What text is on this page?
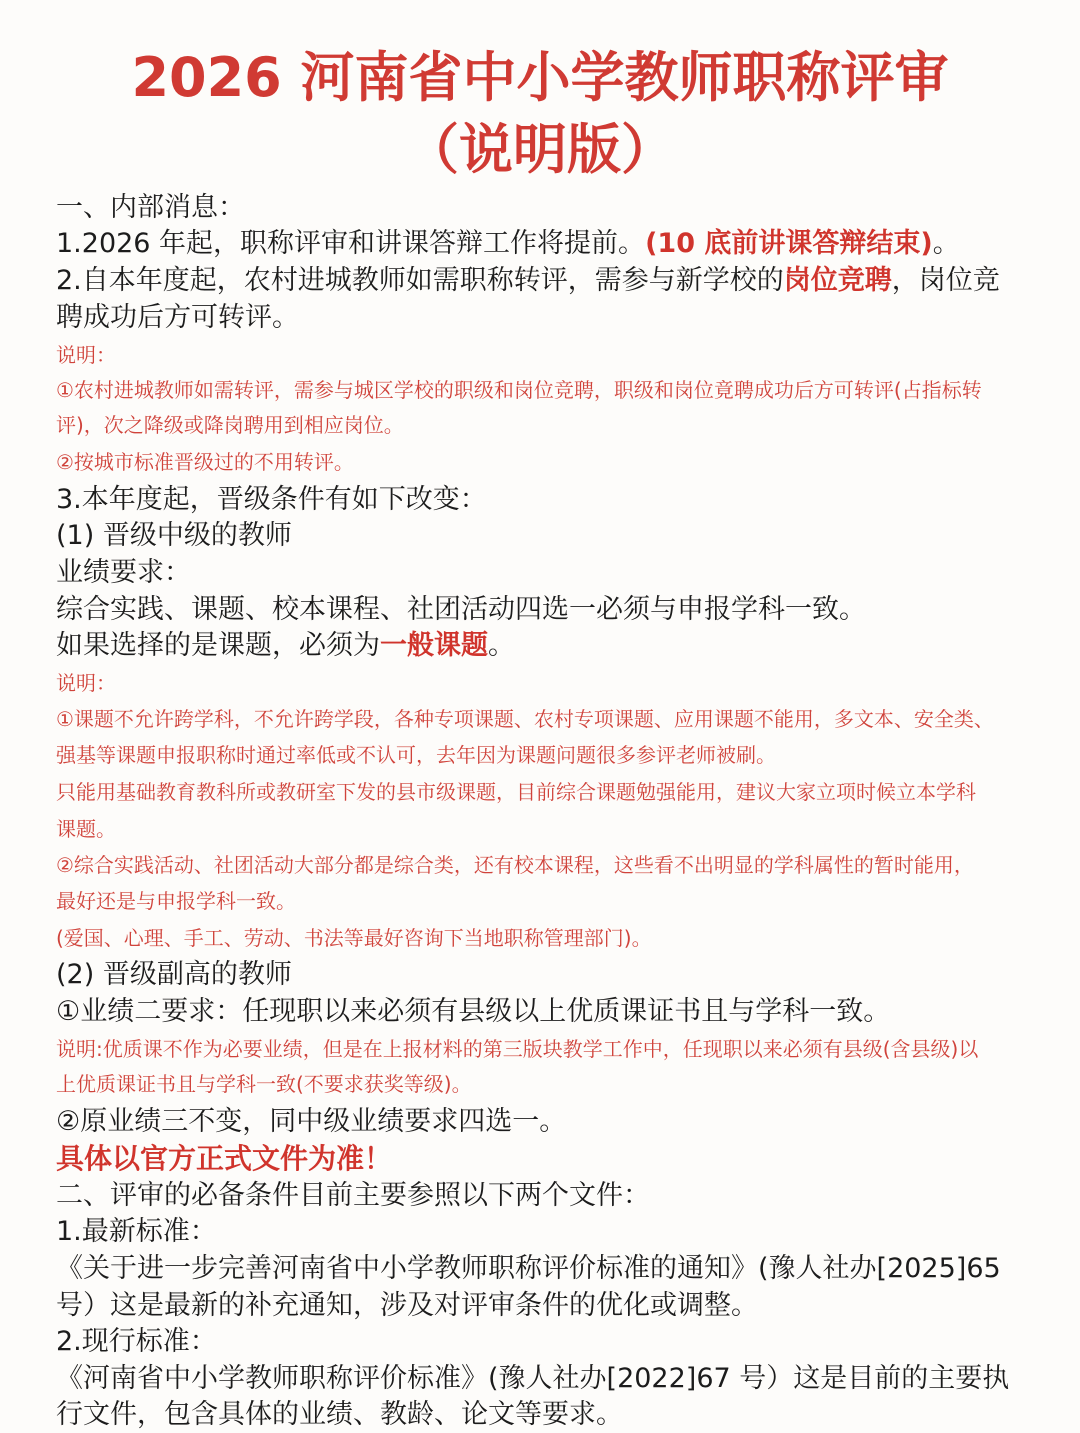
2026 河南省中小学教师职称评审
（说明版）
一、内部消息：
1.2026 年起，职称评审和讲课答辩工作将提前。(10 底前讲课答辩结束)。
2.自本年度起，农村进城教师如需职称转评，需参与新学校的岗位竞聘，岗位竞
聘成功后方可转评。
说明：
①农村进城教师如需转评，需参与城区学校的职级和岗位竞聘，职级和岗位竟聘成功后方可转评(占指标转
评)，次之降级或降岗聘用到相应岗位。
②按城市标准晋级过的不用转评。
3.本年度起，晋级条件有如下改变：
(1) 晋级中级的教师
业绩要求：
综合实践、课题、校本课程、社团活动四选一必须与申报学科一致。
如果选择的是课题，必须为一般课题。
说明：
①课题不允许跨学科，不允许跨学段，各种专项课题、农村专项课题、应用课题不能用，多文本、安全类、
强基等课题申报职称时通过率低或不认可，去年因为课题问题很多参评老师被刷。
只能用基础教育教科所或教研室下发的县市级课题，目前综合课题勉强能用，建议大家立项时候立本学科
课题。
②综合实践活动、社团活动大部分都是综合类，还有校本课程，这些看不出明显的学科属性的暂时能用，
最好还是与申报学科一致。
(爱国、心理、手工、劳动、书法等最好咨询下当地职称管理部门)。
(2) 晋级副高的教师
①业绩二要求：任现职以来必须有县级以上优质课证书且与学科一致。
说明:优质课不作为必要业绩，但是在上报材料的第三版块教学工作中，任现职以来必须有县级(含县级)以
上优质课证书且与学科一致(不要求获奖等级)。
②原业绩三不变，同中级业绩要求四选一。
具体以官方正式文件为准！
二、评审的必备条件目前主要参照以下两个文件：
1.最新标准：
《关于进一步完善河南省中小学教师职称评价标准的通知》(豫人社办[2025]65
号）这是最新的补充通知，涉及对评审条件的优化或调整。
2.现行标准：
《河南省中小学教师职称评价标准》(豫人社办[2022]67 号）这是目前的主要执
行文件，包含具体的业绩、教龄、论文等要求。
